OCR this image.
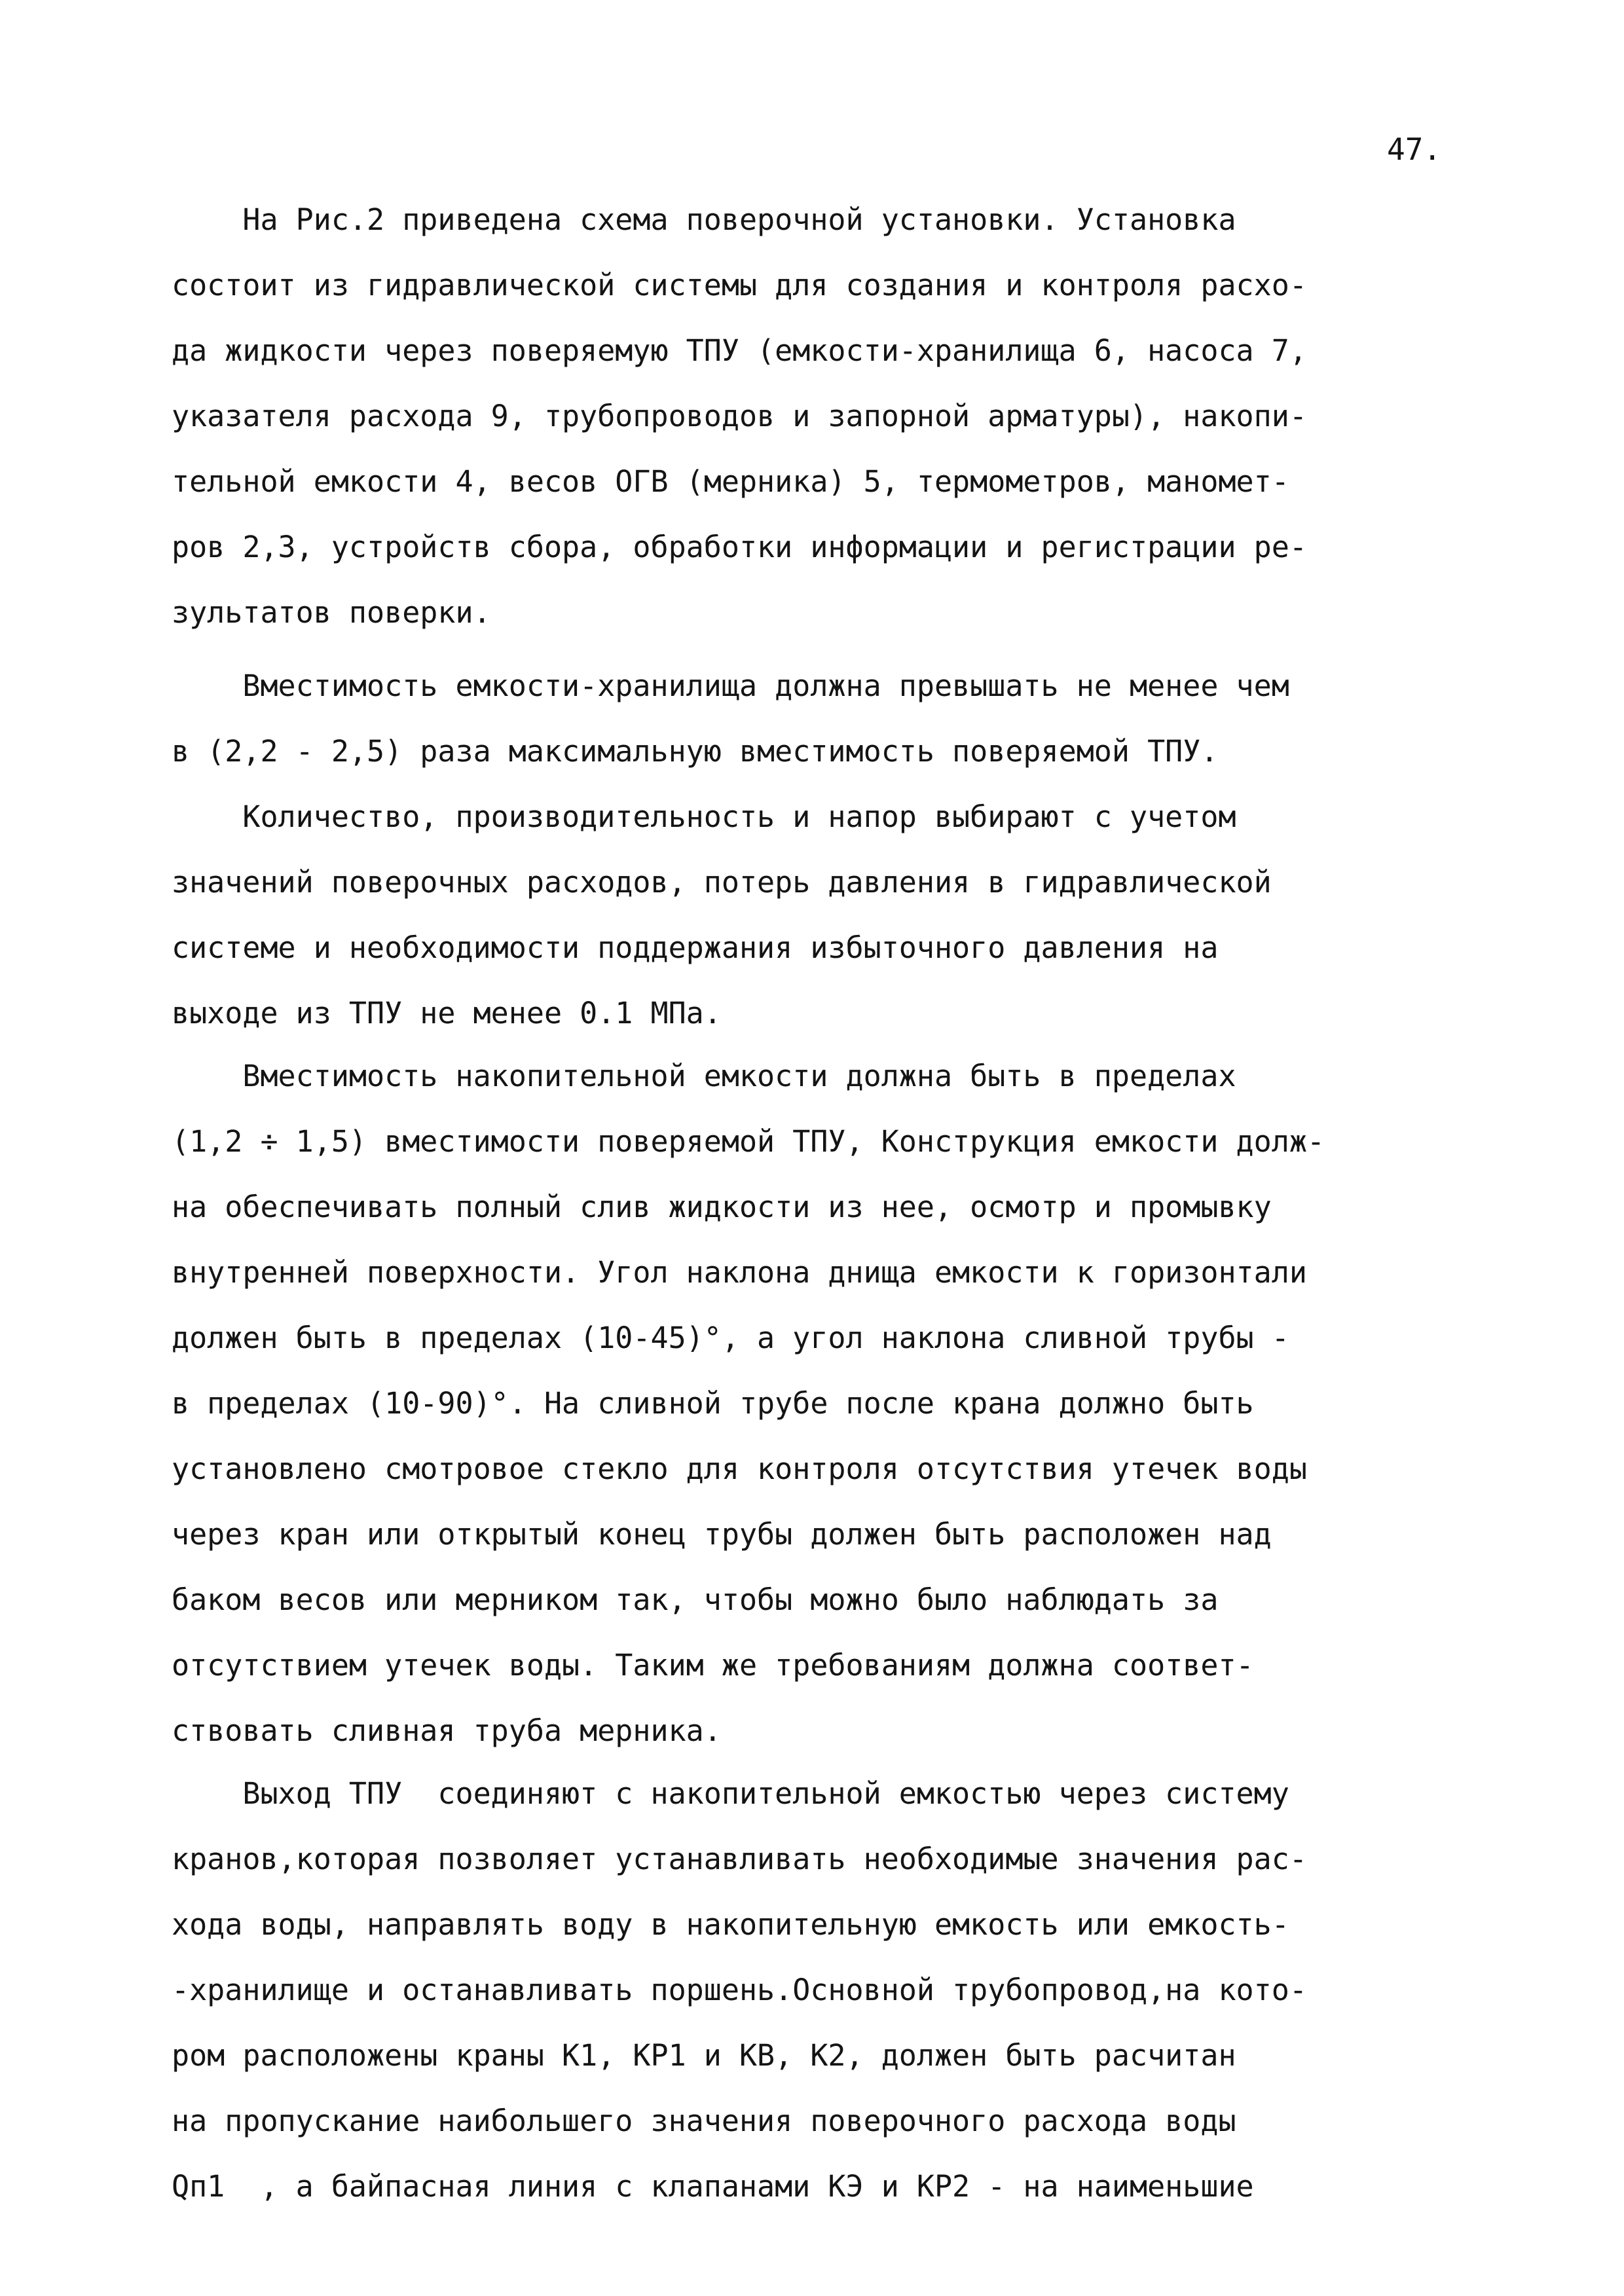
47.
На Рис.2 приведена схема поверочной установки. Установка
состоит из гидравлической системы для создания и контроля расхо-
да жидкости через поверяемую ТПУ (емкости-хранилища 6, насоса 7,
указателя расхода 9, трубопроводов и запорной арматуры), накопи-
тельной емкости 4, весов ОГВ (мерника) 5, термометров, маномет-
ров 2,3, устройств сбора, обработки информации и регистрации ре-
зультатов поверки.
Вместимость емкости-хранилища должна превышать не менее чем
в (2,2 - 2,5) раза максимальную вместимость поверяемой ТПУ.
Количество, производительность и напор выбирают с учетом
значений поверочных расходов, потерь давления в гидравлической
системе и необходимости поддержания избыточного давления на
выходе из ТПУ не менее 0.1 МПа.
Вместимость накопительной емкости должна быть в пределах
(1,2 ÷ 1,5) вместимости поверяемой ТПУ, Конструкция емкости долж-
на обеспечивать полный слив жидкости из нее, осмотр и промывку
внутренней поверхности. Угол наклона днища емкости к горизонтали
должен быть в пределах (10-45)°, а угол наклона сливной трубы -
в пределах (10-90)°. На сливной трубе после крана должно быть
установлено смотровое стекло для контроля отсутствия утечек воды
через кран или открытый конец трубы должен быть расположен над
баком весов или мерником так, чтобы можно было наблюдать за
отсутствием утечек воды. Таким же требованиям должна соответ-
ствовать сливная труба мерника.
Выход ТПУ  соединяют с накопительной емкостью через систему
кранов,которая позволяет устанавливать необходимые значения рас-
хода воды, направлять воду в накопительную емкость или емкость-
-хранилище и останавливать поршень.Основной трубопровод,на кото-
ром расположены краны К1, КР1 и КВ, К2, должен быть расчитан
на пропускание наибольшего значения поверочного расхода воды
Qп1  , а байпасная линия с клапанами КЭ и КР2 - на наименьшие
